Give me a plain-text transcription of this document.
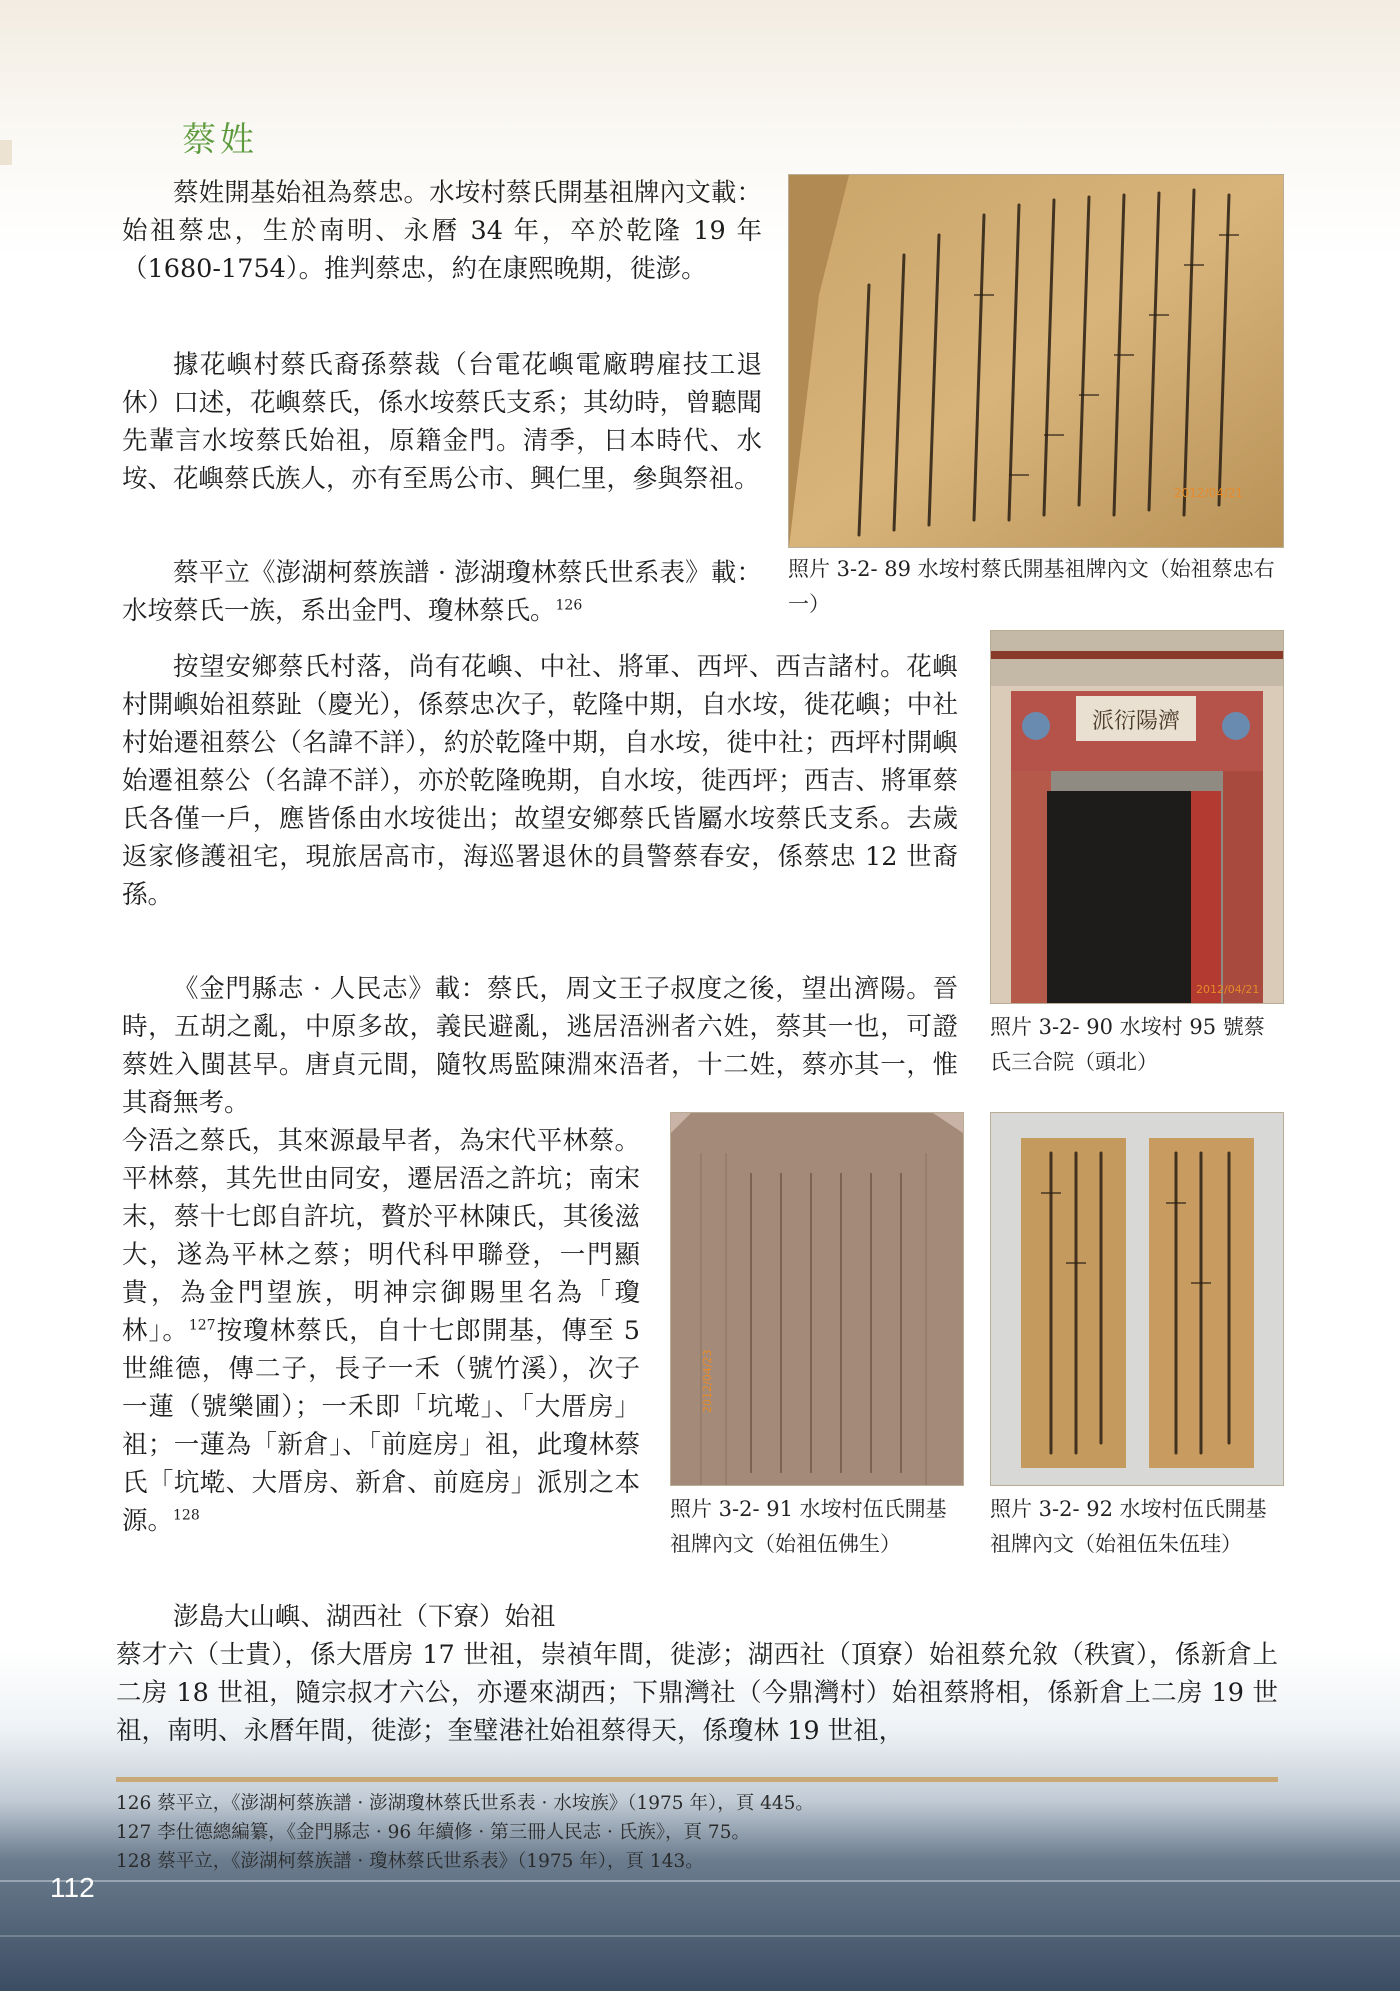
蔡姓

蔡姓開基始祖為蔡忠。水垵村蔡氏開基祖牌內文載：始祖蔡忠，生於南明、永曆 34 年，卒於乾隆 19 年（1680-1754）。推判蔡忠，約在康熙晚期，徙澎。

據花嶼村蔡氏裔孫蔡裁（台電花嶼電廠聘雇技工退休）口述，花嶼蔡氏，係水垵蔡氏支系；其幼時，曾聽聞先輩言水垵蔡氏始祖，原籍金門。清季，日本時代、水垵、花嶼蔡氏族人，亦有至馬公市、興仁里，參與祭祖。

蔡平立《澎湖柯蔡族譜 · 澎湖瓊林蔡氏世系表》載：水垵蔡氏一族，系出金門、瓊林蔡氏。$^{126}$

按望安鄉蔡氏村落，尚有花嶼、中社、將軍、西坪、西吉諸村。花嶼村開嶼始祖蔡趾（慶光），係蔡忠次子，乾隆中期，自水垵，徙花嶼；中社村始遷祖蔡公（名諱不詳），約於乾隆中期，自水垵，徙中社；西坪村開嶼始遷祖蔡公（名諱不詳），亦於乾隆晚期，自水垵，徙西坪；西吉、將軍蔡氏各僅一戶，應皆係由水垵徙出；故望安鄉蔡氏皆屬水垵蔡氏支系。去歲返家修護祖宅，現旅居高市，海巡署退休的員警蔡春安，係蔡忠 12 世裔孫。

《金門縣志 · 人民志》載：蔡氏，周文王子叔度之後，望出濟陽。晉時，五胡之亂，中原多故，義民避亂，逃居浯洲者六姓，蔡其一也，可證蔡姓入閩甚早。唐貞元間，隨牧馬監陳淵來浯者，十二姓，蔡亦其一，惟其裔無考。

今浯之蔡氏，其來源最早者，為宋代平林蔡。平林蔡，其先世由同安，遷居浯之許坑；南宋末，蔡十七郎自許坑，贅於平林陳氏，其後滋大，遂為平林之蔡；明代科甲聯登，一門顯貴，為金門望族，明神宗御賜里名為「瓊林」。$^{127}$按瓊林蔡氏，自十七郎開基，傳至 5 世維德，傳二子，長子一禾（號竹溪），次子一蓮（號樂圃）；一禾即「坑墘」、「大厝房」祖；一蓮為「新倉」、「前庭房」祖，此瓊林蔡氏「坑墘、大厝房、新倉、前庭房」派別之本源。$^{128}$

澎島大山嶼、湖西社（下寮）始祖

蔡才六（士貴），係大厝房 17 世祖，崇禎年間，徙澎；湖西社（頂寮）始祖蔡允敘（秩賓），係新倉上二房 18 世祖，隨宗叔才六公，亦遷來湖西；下鼎灣社（今鼎灣村）始祖蔡將相，係新倉上二房 19 世祖，南明、永曆年間，徙澎；奎璧港社始祖蔡得天，係瓊林 19 世祖，

2012/04/21

照片 3-2- 89 水垵村蔡氏開基祖牌內文（始祖蔡忠右一）

派衍陽濟
2012/04/21

照片 3-2- 90 水垵村 95 號蔡氏三合院（頭北）

2012/04/23

照片 3-2- 91 水垵村伍氏開基祖牌內文（始祖伍佛生）

照片 3-2- 92 水垵村伍氏開基祖牌內文（始祖伍朱伍珪）

126 蔡平立，《澎湖柯蔡族譜 · 澎湖瓊林蔡氏世系表 · 水垵族》（1975 年），頁 445。

127 李仕德總編纂，《金門縣志 · 96 年續修 · 第三冊人民志 · 氏族》，頁 75。

128 蔡平立，《澎湖柯蔡族譜 · 瓊林蔡氏世系表》（1975 年），頁 143。

112
